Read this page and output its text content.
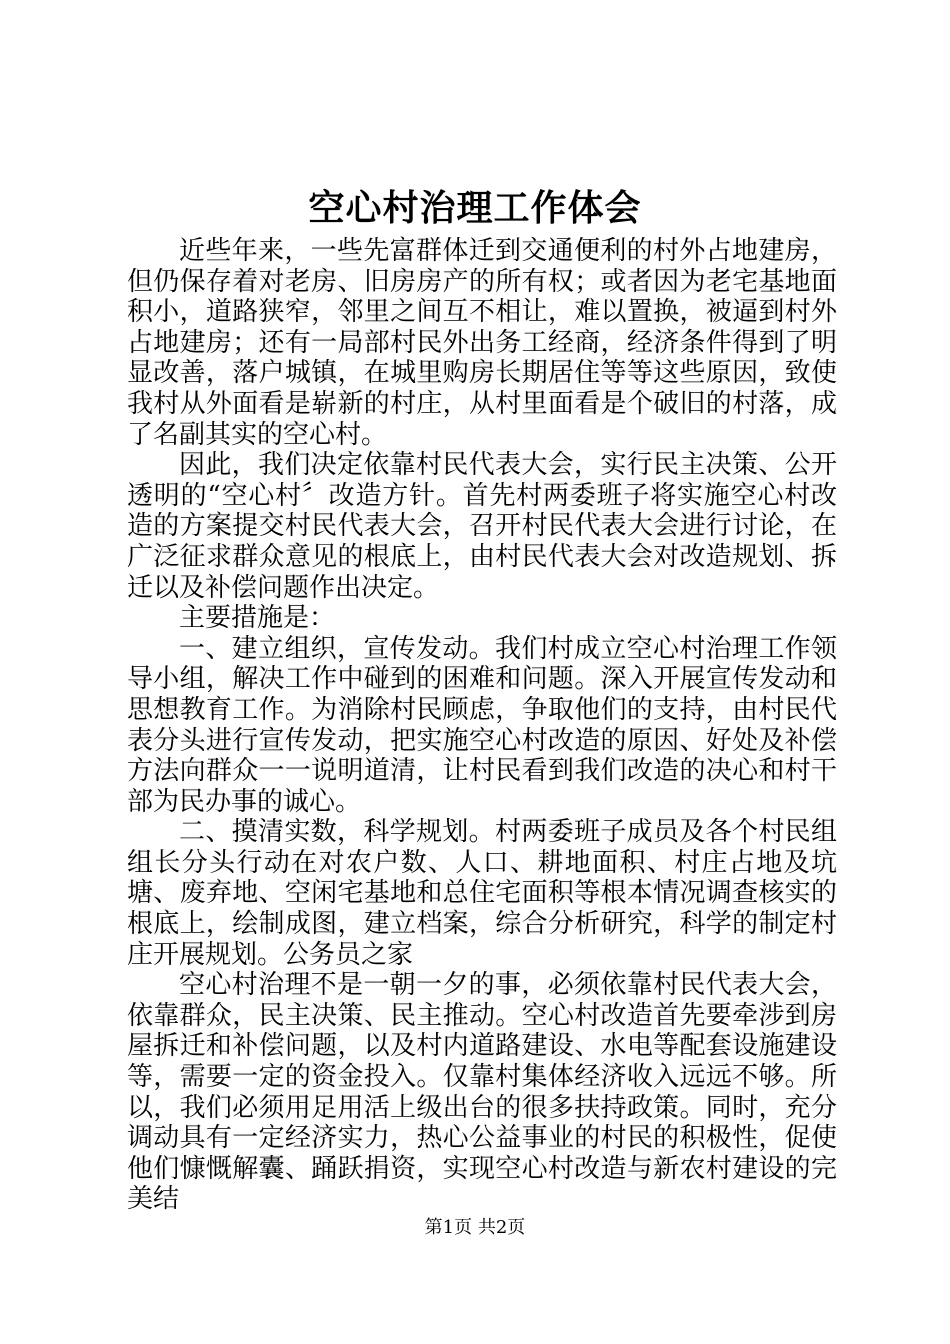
空心村治理工作体会

近些年来，一些先富群体迁到交通便利的村外占地建房，但仍保存着对老房、旧房房产的所有权；或者因为老宅基地面积小，道路狭窄，邻里之间互不相让，难以置换，被逼到村外占地建房；还有一局部村民外出务工经商，经济条件得到了明显改善，落户城镇，在城里购房长期居住等等这些原因，致使我村从外面看是崭新的村庄，从村里面看是个破旧的村落，成了名副其实的空心村。

因此，我们决定依靠村民代表大会，实行民主决策、公开透明的“空心村〞改造方针。首先村两委班子将实施空心村改造的方案提交村民代表大会，召开村民代表大会进行讨论，在广泛征求群众意见的根底上，由村民代表大会对改造规划、拆迁以及补偿问题作出决定。

主要措施是：

一、建立组织，宣传发动。我们村成立空心村治理工作领导小组，解决工作中碰到的困难和问题。深入开展宣传发动和思想教育工作。为消除村民顾虑，争取他们的支持，由村民代表分头进行宣传发动，把实施空心村改造的原因、好处及补偿方法向群众一一说明道清，让村民看到我们改造的决心和村干部为民办事的诚心。

二、摸清实数，科学规划。村两委班子成员及各个村民组组长分头行动在对农户数、人口、耕地面积、村庄占地及坑塘、废弃地、空闲宅基地和总住宅面积等根本情况调查核实的根底上，绘制成图，建立档案，综合分析研究，科学的制定村庄开展规划。公务员之家

空心村治理不是一朝一夕的事，必须依靠村民代表大会，依靠群众，民主决策、民主推动。空心村改造首先要牵涉到房屋拆迁和补偿问题，以及村内道路建设、水电等配套设施建设等，需要一定的资金投入。仅靠村集体经济收入远远不够。所以，我们必须用足用活上级出台的很多扶持政策。同时，充分调动具有一定经济实力，热心公益事业的村民的积极性，促使他们慷慨解囊、踊跃捐资，实现空心村改造与新农村建设的完美结

第1页 共2页
